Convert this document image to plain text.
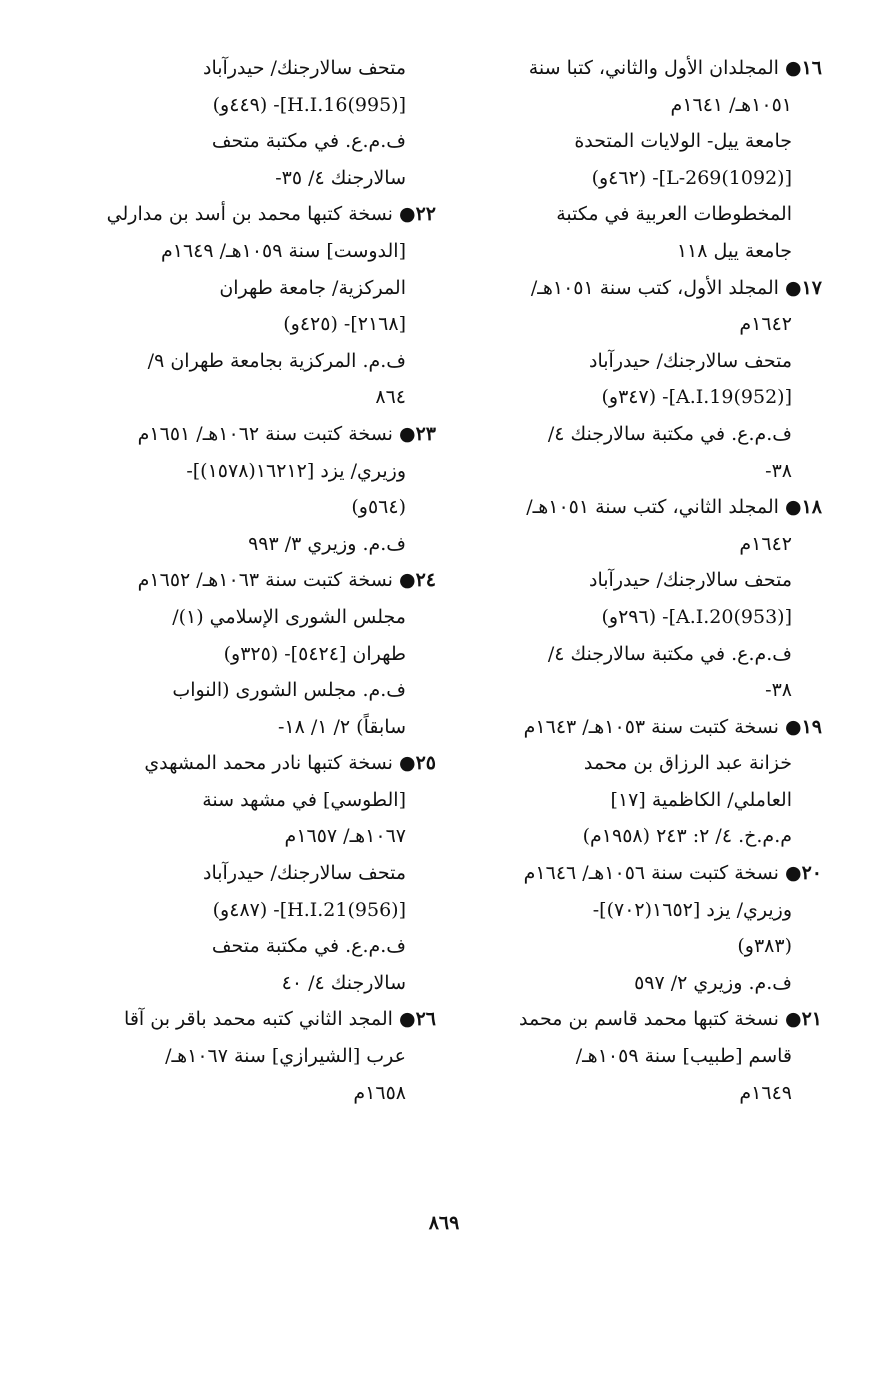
١٦● المجلدان الأول والثاني، كتبا سنة
١٠٥١هـ/ ١٦٤١م
جامعة ييل- الولايات المتحدة
[L-269(1092)]- (٤٦٢و)
المخطوطات العربية في مكتبة
جامعة ييل ١١٨
١٧● المجلد الأول، كتب سنة ١٠٥١هـ/
١٦٤٢م
متحف سالارجنك/ حيدرآباد
[A.I.19(952)]- (٣٤٧و)
ف.م.ع. في مكتبة سالارجنك ٤/
٣٨-
١٨● المجلد الثاني، كتب سنة ١٠٥١هـ/
١٦٤٢م
متحف سالارجنك/ حيدرآباد
[A.I.20(953)]- (٢٩٦و)
ف.م.ع. في مكتبة سالارجنك ٤/
٣٨-
١٩● نسخة كتبت سنة ١٠٥٣هـ/ ١٦٤٣م
خزانة عبد الرزاق بن محمد
العاملي/ الكاظمية [١٧]
م.م.خ. ٤/ ٢: ٢٤٣ (١٩٥٨م)
٢٠● نسخة كتبت سنة ١٠٥٦هـ/ ١٦٤٦م
وزيري/ يزد [١٦٥٢(٧٠٢)]-
(٣٨٣و)
ف.م. وزيري ٢/ ٥٩٧
٢١● نسخة كتبها محمد قاسم بن محمد
قاسم [طبيب] سنة ١٠٥٩هـ/
١٦٤٩م
متحف سالارجنك/ حيدرآباد
[H.I.16(995)]- (٤٤٩و)
ف.م.ع. في مكتبة متحف
سالارجنك ٤/ ٣٥-
٢٢● نسخة كتبها محمد بن أسد بن مدارلي
[الدوست] سنة ١٠٥٩هـ/ ١٦٤٩م
المركزية/ جامعة طهران
[٢١٦٨]- (٤٢٥و)
ف.م. المركزية بجامعة طهران ٩/
٨٦٤
٢٣● نسخة كتبت سنة ١٠٦٢هـ/ ١٦٥١م
وزيري/ يزد [١٦٢١٢(١٥٧٨)]-
(٥٦٤و)
ف.م. وزيري ٣/ ٩٩٣
٢٤● نسخة كتبت سنة ١٠٦٣هـ/ ١٦٥٢م
مجلس الشورى الإسلامي (١)/
طهران [٥٤٢٤]- (٣٢٥و)
ف.م. مجلس الشورى (النواب
سابقاً) ٢/ ١/ ١٨-
٢٥● نسخة كتبها نادر محمد المشهدي
[الطوسي] في مشهد سنة
١٠٦٧هـ/ ١٦٥٧م
متحف سالارجنك/ حيدرآباد
[H.I.21(956)]- (٤٨٧و)
ف.م.ع. في مكتبة متحف
سالارجنك ٤/ ٤٠
٢٦● المجد الثاني كتبه محمد باقر بن آقا
عرب [الشيرازي] سنة ١٠٦٧هـ/
١٦٥٨م
٨٦٩
